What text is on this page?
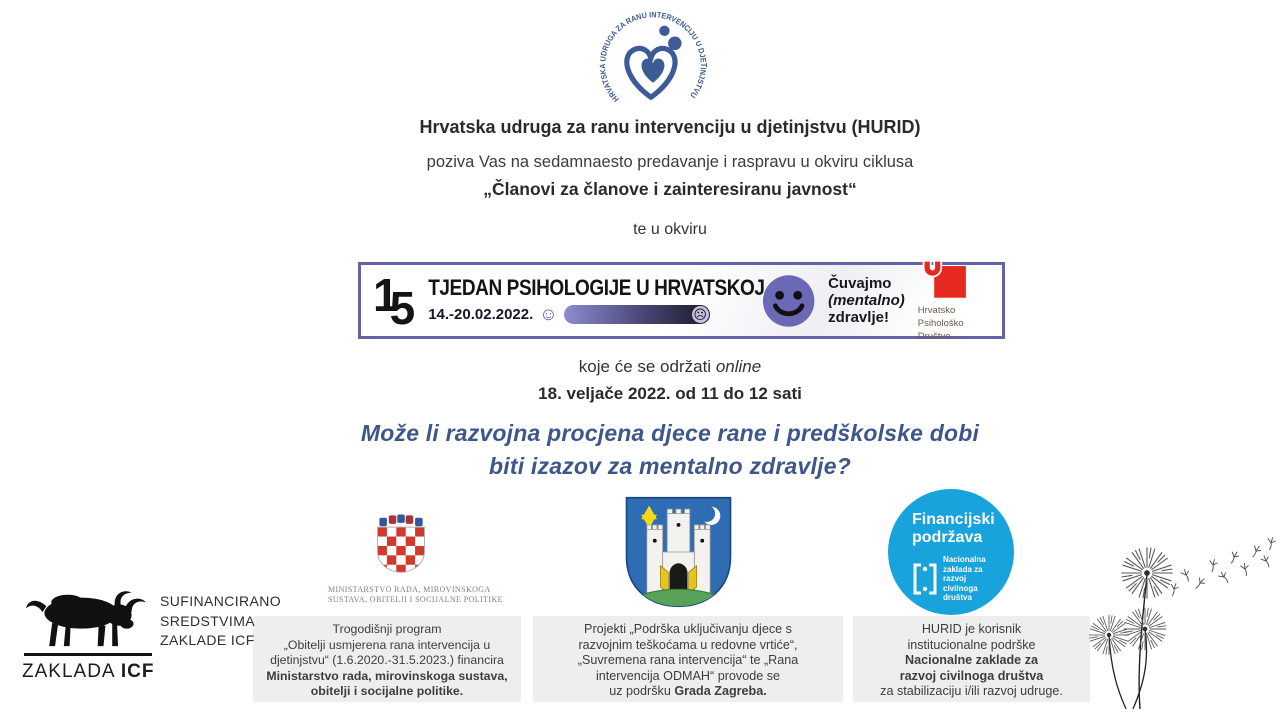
HRVATSKA UDRUGA ZA RANU INTERVENCIJU U DJETINJSTVU
Hrvatska udruga za ranu intervenciju u djetinjstvu (HURID)
poziva Vas na sedamnaesto predavanje i raspravu u okviru ciklusa
„Članovi za članove i zainteresiranu javnost“
te u okviru
1
5 TJEDAN PSIHOLOGIJE U HRVATSKOJ
14.-20.02.2022. ☺	☹
Čuvajmo
(mentalno)
zdravlje!	Hrvatsko
Psihološko
Društvo
koje će se održati online
18. veljače 2022. od 11 do 12 sati
Može li razvojna procjena djece rane i predškolske dobi
biti izazov za mentalno zdravlje?
MINISTARSTVO RADA, MIROVINSKOGA
SUSTAVA, OBITELJI I SOCIJALNE POLITIKE
Financijski
podržava
Nacionalna
zaklada za
razvoj
civilnoga
društva
Trogodišnji program
„Obitelji usmjerena rana intervencija u
djetinjstvu“ (1.6.2020.-31.5.2023.) financira
Ministarstvo rada, mirovinskoga sustava,
obitelji i socijalne politike.
Projekti „Podrška uključivanju djece s
razvojnim teškoćama u redovne vrtiće“,
„Suvremena rana intervencija“ te „Rana
intervencija ODMAH“ provode se
uz podršku Grada Zagreba.
HURID je korisnik
institucionalne podrške
Nacionalne zaklade za
razvoj civilnoga društva
za stabilizaciju i/ili razvoj udruge.
ZAKLADA ICF
SUFINANCIRANO
SREDSTVIMA
ZAKLADE ICF
